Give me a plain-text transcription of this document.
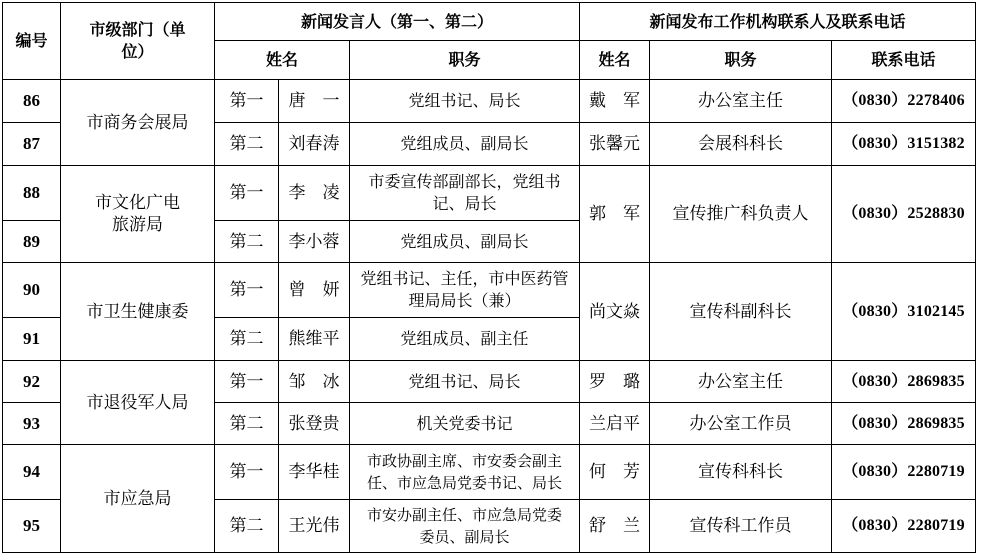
编号	市级部门（单位）	新闻发言人（第一、第二）			新闻发布工作机构联系人及联系电话		
		姓名		职务	姓名	职务	联系电话
86	市商务会展局	第一	唐　一	党组书记、局长	戴　军	办公室主任	（0830）2278406
87		第二	刘春涛	党组成员、副局长	张馨元	会展科科长	（0830）3151382
88	市文化广电旅游局	第一	李　凌	市委宣传部副部长，党组书记、局长	郭　军	宣传推广科负责人	（0830）2528830
89		第二	李小蓉	党组成员、副局长			
90	市卫生健康委	第一	曾　妍	党组书记、主任，市中医药管理局局长（兼）	尚文焱	宣传科副科长	（0830）3102145
91		第二	熊维平	党组成员、副主任			
92	市退役军人局	第一	邹　冰	党组书记、局长	罗　璐	办公室主任	（0830）2869835
93		第二	张登贵	机关党委书记	兰启平	办公室工作员	（0830）2869835
94	市应急局	第一	李华桂	市政协副主席、市安委会副主任、市应急局党委书记、局长	何　芳	宣传科科长	（0830）2280719
95		第二	王光伟	市安办副主任、市应急局党委委员、副局长	舒　兰	宣传科工作员	（0830）2280719
